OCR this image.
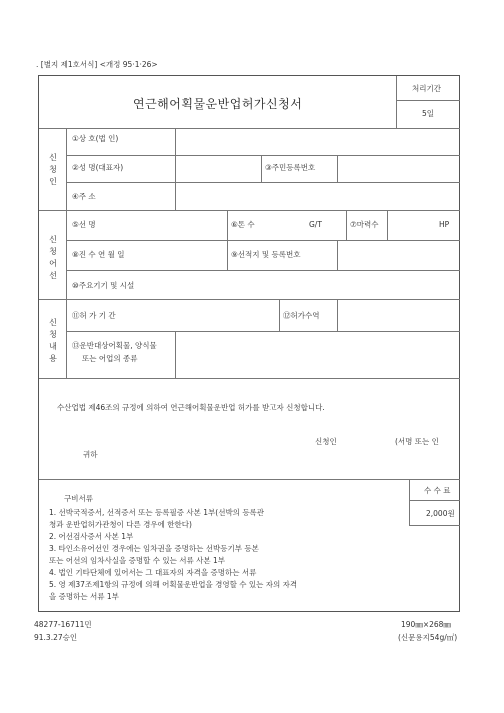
. [별지 제1호서식] <개정 95·1·26>
연근해어획물운반업허가신청서
처리기간
5일
신청인
신청어선
신청내용
①상 호(법 인)
②성 명(대표자)	③주민등록번호
④주 소
⑤선 명	⑥톤 수	G/T	⑦마력수	HP
⑧진 수 연 월 일	⑨선적지 및 등록번호
⑩주요기기 및 시설
⑪허 가 기 간	⑫허가수역
⑬운반대상어획물, 양식물
또는 어업의 종류
수산업법 제46조의 규정에 의하여 연근해어획물운반업 허가를 받고자 신청합니다.
신청인	(서명 또는 인
귀하
수 수 료
2,000원
구비서류
1. 선박국적증서, 선적증서 또는 등록필증 사본 1부(선박의 등록관
청과 운반업허가관청이 다른 경우에 한한다)
2. 어선검사증서 사본 1부
3. 타인소유어선인 경우에는 임차권을 증명하는 선박등기부 등본
또는 어선의 임차사실을 증명할 수 있는 서류 사본 1부
4. 법인 기타단체에 있어서는 그 대표자의 자격을 증명하는 서류
5. 영 제37조제1항의 규정에 의해 어획물운반업을 경영할 수 있는 자의 자격
을 증명하는 서류 1부
48277-16711민
91.3.27승인
190㎜×268㎜
(신문용지54g/㎡)
